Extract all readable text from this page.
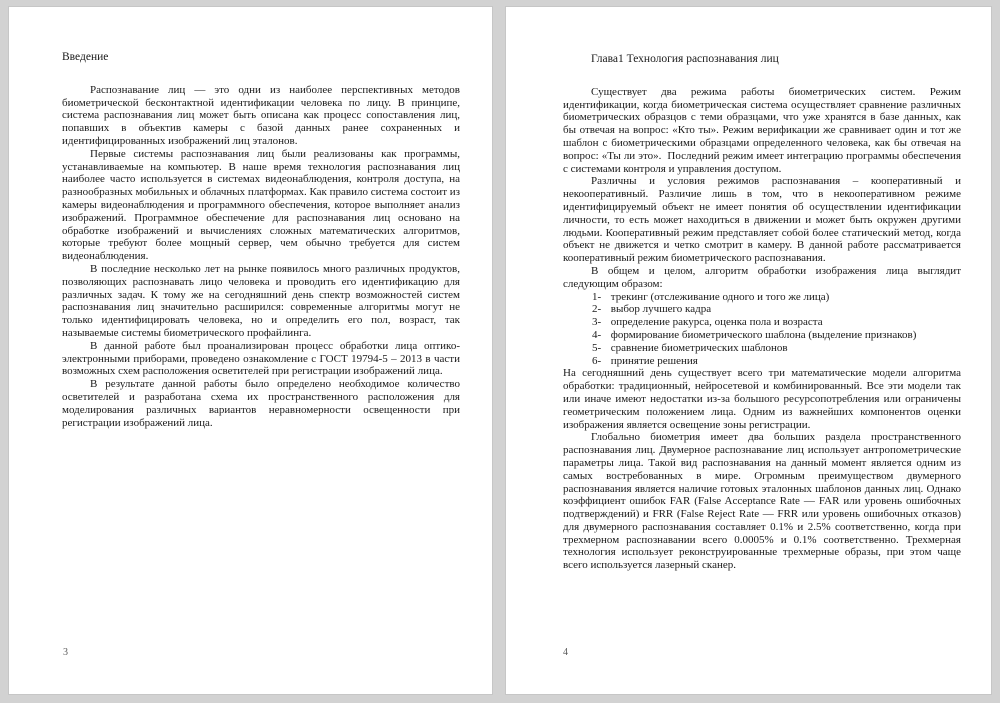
Введение

Распознавание лиц — это одни из наиболее перспективных методов биометрической бесконтактной идентификации человека по лицу. В принципе, система распознавания лиц может быть описана как процесс сопоставления лиц, попавших в объектив камеры с базой данных ранее сохраненных и идентифицированных изображений лиц эталонов.

Первые системы распознавания лиц были реализованы как программы, устанавливаемые на компьютер. В наше время технология распознавания лиц наиболее часто используется в системах видеонаблюдения, контроля доступа, на разнообразных мобильных и облачных платформах. Как правило система состоит из камеры видеонаблюдения и программного обеспечения, которое выполняет анализ изображений. Программное обеспечение для распознавания лиц основано на обработке изображений и вычислениях сложных математических алгоритмов, которые требуют более мощный сервер, чем обычно требуется для систем видеонаблюдения.

В последние несколько лет на рынке появилось много различных продуктов, позволяющих распознавать лицо человека и проводить его идентификацию для различных задач. К тому же на сегодняшний день спектр возможностей систем распознавания лиц значительно расширился: современные алгоритмы могут не только идентифицировать человека, но и определить его пол, возраст, так называемые системы биометрического профайлинга.

В данной работе был проанализирован процесс обработки лица оптико-электронными приборами, проведено ознакомление с ГОСТ 19794-5 – 2013 в части возможных схем расположения осветителей при регистрации изображений лица.

В результате данной работы было определено необходимое количество осветителей и разработана схема их пространственного расположения для моделирования различных вариантов неравномерности освещенности при регистрации изображений лица.

3
Глава1 Технология распознавания лиц

Существует два режима работы биометрических систем. Режим идентификации, когда биометрическая система осуществляет сравнение различных биометрических образцов с теми образцами, что уже хранятся в базе данных, как бы отвечая на вопрос: «Кто ты». Режим верификации же сравнивает один и тот же шаблон с биометрическими образцами определенного человека, как бы отвечая на вопрос: «Ты ли это».  Последний режим имеет интеграцию программы обеспечения с системами контроля и управления доступом.

Различны и условия режимов распознавания – кооперативный и некооперативный. Различие лишь в том, что в некооперативном режиме идентифицируемый объект не имеет понятия об осуществлении идентификации личности, то есть может находиться в движении и может быть окружен другими людьми. Кооперативный режим представляет собой более статический метод, когда объект не движется и четко смотрит в камеру. В данной работе рассматривается кооперативный режим биометрического распознавания.

В общем и целом, алгоритм обработки изображения лица выглядит следующим образом:

1- трекинг (отслеживание одного и того же лица)
2- выбор лучшего кадра
3- определение ракурса, оценка пола и возраста
4- формирование биометрического шаблона (выделение признаков)
5- сравнение биометрических шаблонов
6- принятие решения

На сегодняшний день существует всего три математические модели алгоритма обработки: традиционный, нейросетевой и комбинированный. Все эти модели так или иначе имеют недостатки из-за большого ресурсопотребления или ограничены геометрическим положением лица. Одним из важнейших компонентов оценки изображения является освещение зоны регистрации.

Глобально биометрия имеет два больших раздела пространственного распознавания лиц. Двумерное распознавание лиц использует антропометрические параметры лица. Такой вид распознавания на данный момент является одним из самых востребованных в мире. Огромным преимуществом двумерного распознавания является наличие готовых эталонных шаблонов данных лиц. Однако коэффициент ошибок FAR (False Acceptance Rate — FAR или уровень ошибочных подтверждений) и FRR (False Reject Rate — FRR или уровень ошибочных отказов) для двумерного распознавания составляет 0.1% и 2.5% соответственно, когда при трехмерном распознавании всего 0.0005% и 0.1% соответственно. Трехмерная технология использует реконструированные трехмерные образы, при этом чаще всего используется лазерный сканер.

4
